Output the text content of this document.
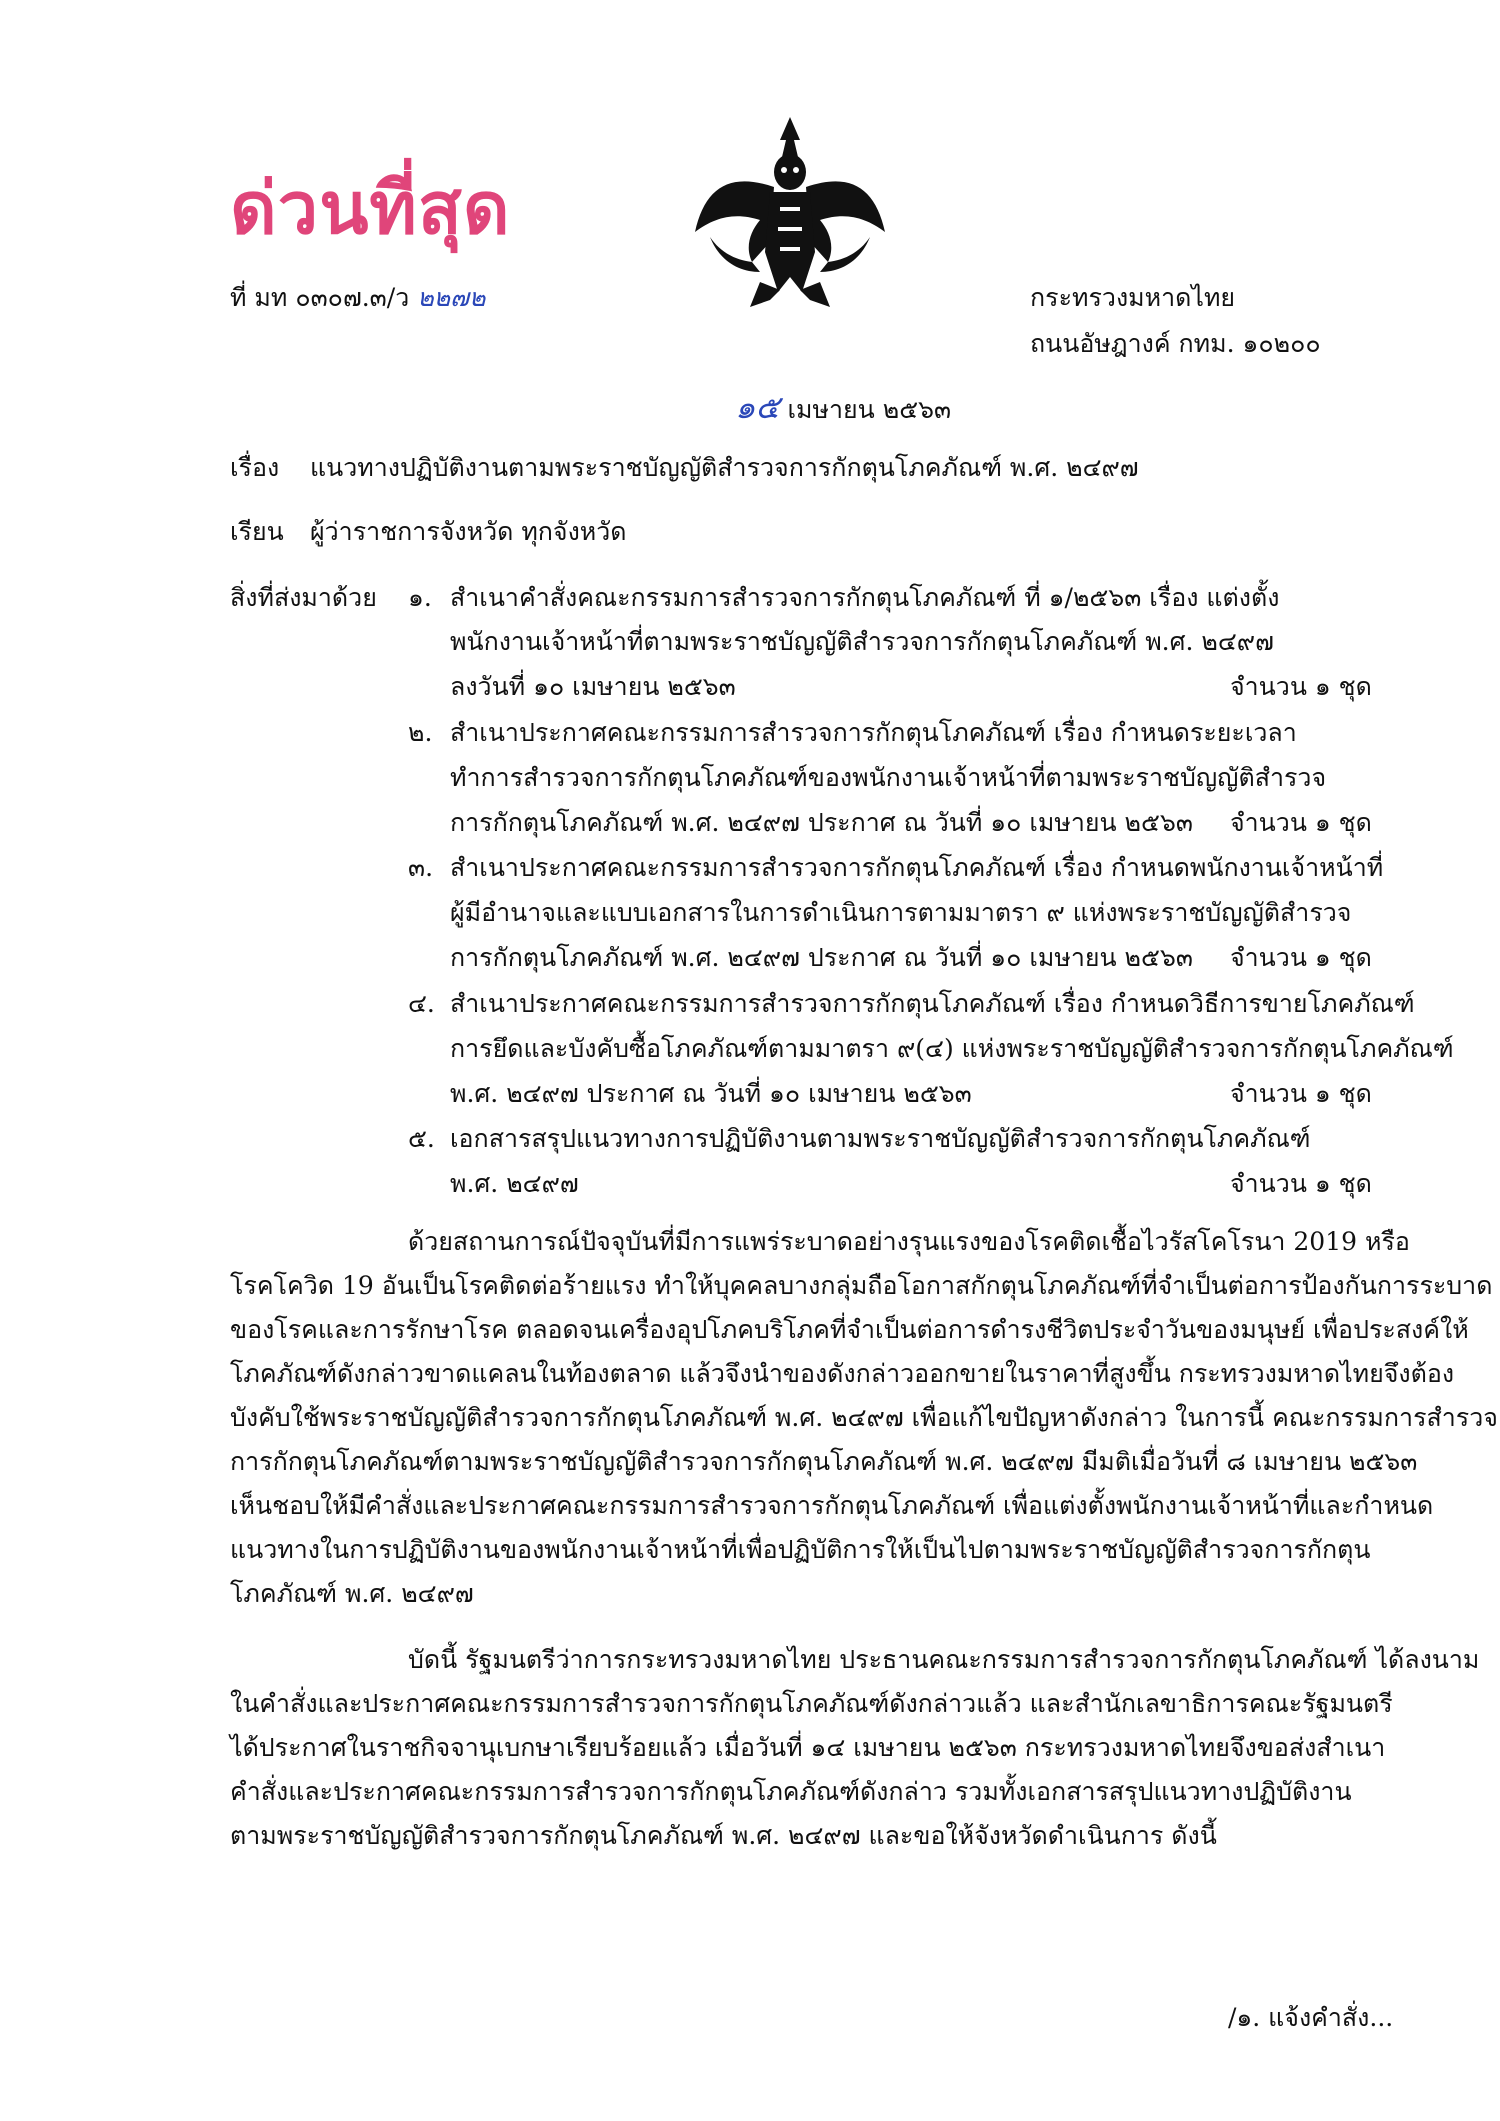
ด่วนที่สุด
ที่ มท ๐๓๐๗.๓/ว ๒๒๗๒	กระทรวงมหาดไทย
ถนนอัษฎางค์ กทม. ๑๐๒๐๐
๑๕ เมษายน ๒๕๖๓
เรื่อง แนวทางปฏิบัติงานตามพระราชบัญญัติสำรวจการกักตุนโภคภัณฑ์ พ.ศ. ๒๔๙๗
เรียน ผู้ว่าราชการจังหวัด ทุกจังหวัด
สิ่งที่ส่งมาด้วย ๑. สำเนาคำสั่งคณะกรรมการสำรวจการกักตุนโภคภัณฑ์ ที่ ๑/๒๕๖๓ เรื่อง แต่งตั้ง
พนักงานเจ้าหน้าที่ตามพระราชบัญญัติสำรวจการกักตุนโภคภัณฑ์ พ.ศ. ๒๔๙๗
ลงวันที่ ๑๐ เมษายน ๒๕๖๓	จำนวน ๑ ชุด
๒. สำเนาประกาศคณะกรรมการสำรวจการกักตุนโภคภัณฑ์ เรื่อง กำหนดระยะเวลา
ทำการสำรวจการกักตุนโภคภัณฑ์ของพนักงานเจ้าหน้าที่ตามพระราชบัญญัติสำรวจ
การกักตุนโภคภัณฑ์ พ.ศ. ๒๔๙๗ ประกาศ ณ วันที่ ๑๐ เมษายน ๒๕๖๓ จำนวน ๑ ชุด
๓. สำเนาประกาศคณะกรรมการสำรวจการกักตุนโภคภัณฑ์ เรื่อง กำหนดพนักงานเจ้าหน้าที่
ผู้มีอำนาจและแบบเอกสารในการดำเนินการตามมาตรา ๙ แห่งพระราชบัญญัติสำรวจ
การกักตุนโภคภัณฑ์ พ.ศ. ๒๔๙๗ ประกาศ ณ วันที่ ๑๐ เมษายน ๒๕๖๓ จำนวน ๑ ชุด
๔. สำเนาประกาศคณะกรรมการสำรวจการกักตุนโภคภัณฑ์ เรื่อง กำหนดวิธีการขายโภคภัณฑ์
การยึดและบังคับซื้อโภคภัณฑ์ตามมาตรา ๙(๔) แห่งพระราชบัญญัติสำรวจการกักตุนโภคภัณฑ์
พ.ศ. ๒๔๙๗ ประกาศ ณ วันที่ ๑๐ เมษายน ๒๕๖๓	จำนวน ๑ ชุด
๕. เอกสารสรุปแนวทางการปฏิบัติงานตามพระราชบัญญัติสำรวจการกักตุนโภคภัณฑ์
พ.ศ. ๒๔๙๗	จำนวน ๑ ชุด
ด้วยสถานการณ์ปัจจุบันที่มีการแพร่ระบาดอย่างรุนแรงของโรคติดเชื้อไวรัสโคโรนา 2019 หรือ
โรคโควิด 19 อันเป็นโรคติดต่อร้ายแรง ทำให้บุคคลบางกลุ่มถือโอกาสกักตุนโภคภัณฑ์ที่จำเป็นต่อการป้องกันการระบาด
ของโรคและการรักษาโรค ตลอดจนเครื่องอุปโภคบริโภคที่จำเป็นต่อการดำรงชีวิตประจำวันของมนุษย์ เพื่อประสงค์ให้
โภคภัณฑ์ดังกล่าวขาดแคลนในท้องตลาด แล้วจึงนำของดังกล่าวออกขายในราคาที่สูงขึ้น กระทรวงมหาดไทยจึงต้อง
บังคับใช้พระราชบัญญัติสำรวจการกักตุนโภคภัณฑ์ พ.ศ. ๒๔๙๗ เพื่อแก้ไขปัญหาดังกล่าว ในการนี้ คณะกรรมการสำรวจ
การกักตุนโภคภัณฑ์ตามพระราชบัญญัติสำรวจการกักตุนโภคภัณฑ์ พ.ศ. ๒๔๙๗ มีมติเมื่อวันที่ ๘ เมษายน ๒๕๖๓
เห็นชอบให้มีคำสั่งและประกาศคณะกรรมการสำรวจการกักตุนโภคภัณฑ์ เพื่อแต่งตั้งพนักงานเจ้าหน้าที่และกำหนด
แนวทางในการปฏิบัติงานของพนักงานเจ้าหน้าที่เพื่อปฏิบัติการให้เป็นไปตามพระราชบัญญัติสำรวจการกักตุน
โภคภัณฑ์ พ.ศ. ๒๔๙๗
บัดนี้ รัฐมนตรีว่าการกระทรวงมหาดไทย ประธานคณะกรรมการสำรวจการกักตุนโภคภัณฑ์ ได้ลงนาม
ในคำสั่งและประกาศคณะกรรมการสำรวจการกักตุนโภคภัณฑ์ดังกล่าวแล้ว และสำนักเลขาธิการคณะรัฐมนตรี
ได้ประกาศในราชกิจจานุเบกษาเรียบร้อยแล้ว เมื่อวันที่ ๑๔ เมษายน ๒๕๖๓ กระทรวงมหาดไทยจึงขอส่งสำเนา
คำสั่งและประกาศคณะกรรมการสำรวจการกักตุนโภคภัณฑ์ดังกล่าว รวมทั้งเอกสารสรุปแนวทางปฏิบัติงาน
ตามพระราชบัญญัติสำรวจการกักตุนโภคภัณฑ์ พ.ศ. ๒๔๙๗ และขอให้จังหวัดดำเนินการ ดังนี้
/๑. แจ้งคำสั่ง...
